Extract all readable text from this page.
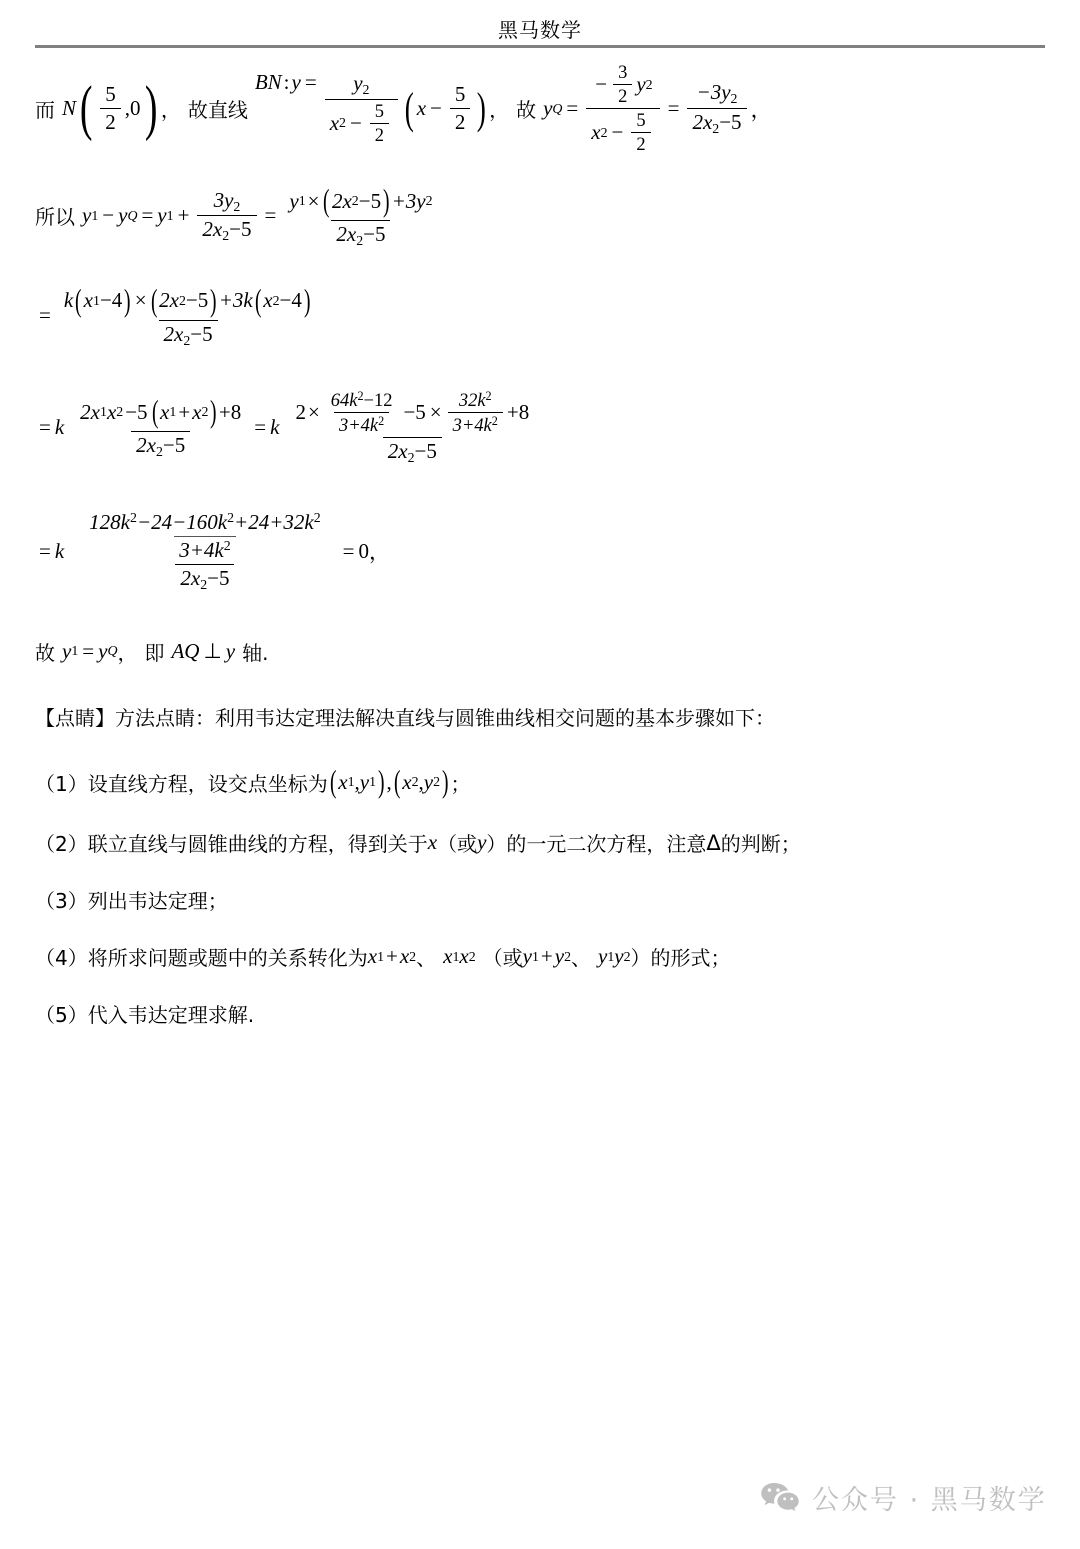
黑马数学
而 N ( $\frac{5}{2}$ , 0 ) ， 故直线
BN : $y = \frac{y_2}{x 2 - \frac{5}{2}}$ ( $x - \frac{5}{2}$ ) ， 故 y $Q = \frac{- \frac{3}{2} y 2}{x 2 - \frac{5}{2}} = \frac{-3y_2}{2x_2-5}$ ，
所以 y 1 − y Q = y $1 + \frac{3y_2}{2x_2-5}$ =
y 1 × ( 2x 2 −5 ) +3y 2
$2x_2-5$
=
k ( x 1 −4 ) × ( 2x 2 −5 ) +3k ( x 2 −4 )
$2x_2-5$
= k
2x 1 x 2 −5 ( x 1 + x 2 ) +8
$2x_2-5$
= k
$2 \times \frac{64k^2-12}{3+4k^2} -5 \times \frac{32k^2}{3+4k^2} +8$
$2x_2-5$
= k $\frac{128k^2-24-160k^2+24+32k^2}{3+4k^2}$
$2x_2-5$
= 0 ，
故 y 1 = y Q ， 即 AQ ⊥ y 轴.
【点睛】方法点睛：利用韦达定理法解决直线与圆锥曲线相交问题的基本步骤如下：
（1） 设直线方程，设交点坐标为 ( x 1 , y 1 ) , ( x 2 , y 2 ) ；
（2） 联立直线与圆锥曲线的方程，得到关于 x （或 y ）的一元二次方程，注意 Δ 的判断；
（3） 列出韦达定理；
（4） 将所求问题或题中的关系转化为 x 1 + x 2 、 x 1 x 2 （或 y 1 + y 2 、 y 1 y 2 ）的形式；
（5） 代入韦达定理求解.
公众号 · 黑马数学
